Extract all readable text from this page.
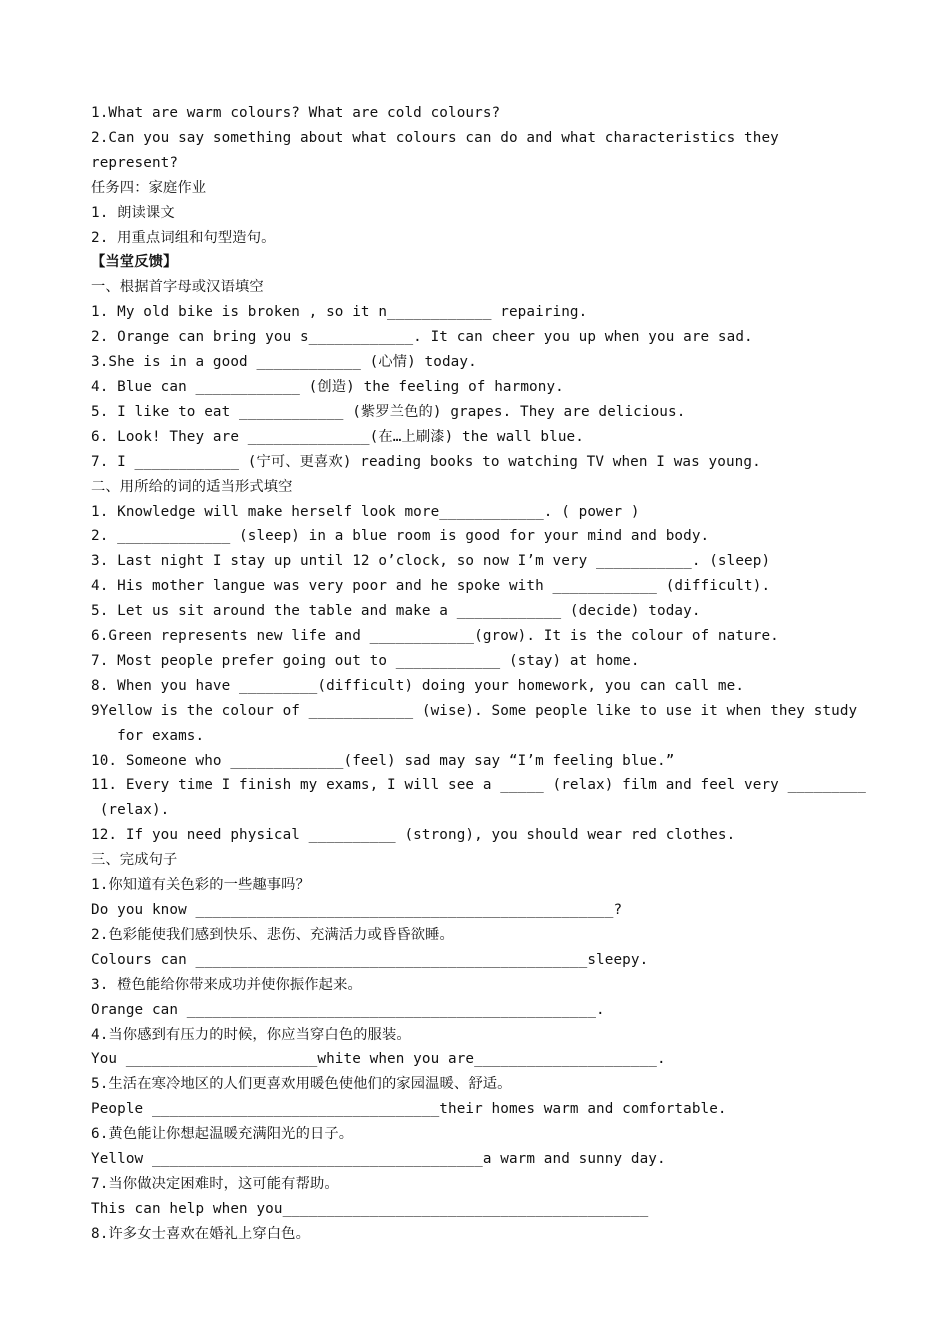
1.What are warm colours? What are cold colours?
2.Can you say something about what colours can do and what characteristics they
represent?
任务四：家庭作业
1. 朗读课文
2. 用重点词组和句型造句。
【当堂反馈】
一、根据首字母或汉语填空
1. My old bike is broken , so it n____________ repairing.
2. Orange can bring you s____________. It can cheer you up when you are sad.
3.She is in a good ____________ (心情) today.
4. Blue can ____________ (创造) the feeling of harmony.
5. I like to eat ____________ (紫罗兰色的) grapes. They are delicious.
6. Look! They are ______________(在…上刷漆) the wall blue.
7. I ____________ (宁可、更喜欢) reading books to watching TV when I was young.
二、用所给的词的适当形式填空
1. Knowledge will make herself look more____________. ( power )
2. _____________ (sleep) in a blue room is good for your mind and body.
3. Last night I stay up until 12 o’clock, so now I’m very ___________. (sleep)
4. His mother langue was very poor and he spoke with ____________ (difficult).
5. Let us sit around the table and make a ____________ (decide) today.
6.Green represents new life and ____________(grow). It is the colour of nature.
7. Most people prefer going out to ____________ (stay) at home.
8. When you have _________(difficult) doing your homework, you can call me.
9Yellow is the colour of ____________ (wise). Some people like to use it when they study
for exams.
10. Someone who _____________(feel) sad may say “I’m feeling blue.”
11. Every time I finish my exams, I will see a _____ (relax) film and feel very _________
(relax).
12. If you need physical __________ (strong), you should wear red clothes.
三、完成句子
1.你知道有关色彩的一些趣事吗？
Do you know ________________________________________________?
2.色彩能使我们感到快乐、悲伤、充满活力或昏昏欲睡。
Colours can _____________________________________________sleepy.
3. 橙色能给你带来成功并使你振作起来。
Orange can _______________________________________________.
4.当你感到有压力的时候，你应当穿白色的服装。
You ______________________white when you are_____________________.
5.生活在寒冷地区的人们更喜欢用暖色使他们的家园温暖、舒适。
People _________________________________their homes warm and comfortable.
6.黄色能让你想起温暖充满阳光的日子。
Yellow ______________________________________a warm and sunny day.
7.当你做决定困难时，这可能有帮助。
This can help when you__________________________________________
8.许多女士喜欢在婚礼上穿白色。
